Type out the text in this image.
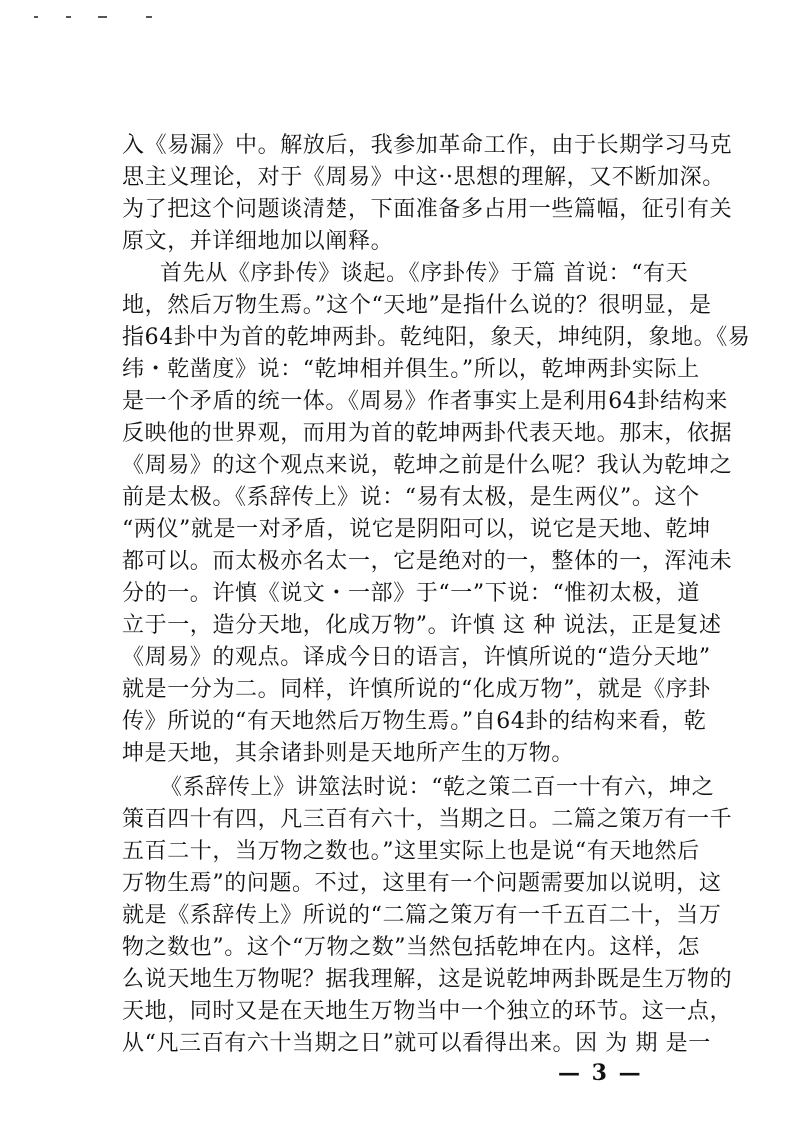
入《易漏》中。解放后，我参加革命工作，由于长期学习马克
思主义理论，对于《周易》中这··思想的理解，又不断加深。
为了把这个问题谈清楚，下面准备多占用一些篇幅，征引有关
原文，并详细地加以阐释。
首先从《序卦传》谈起。《序卦传》于篇 首说：“有天
地，然后万物生焉。”这个“天地”是指什么说的？很明显，是
指64卦中为首的乾坤两卦。乾纯阳，象天，坤纯阴，象地。《易
纬・乾凿度》说：“乾坤相并俱生。”所以，乾坤两卦实际上
是一个矛盾的统一体。《周易》作者事实上是利用64卦结构来
反映他的世界观，而用为首的乾坤两卦代表天地。那末，依据
《周易》的这个观点来说，乾坤之前是什么呢？我认为乾坤之
前是太极。《系辞传上》说：“易有太极，是生两仪”。这个
“两仪”就是一对矛盾，说它是阴阳可以，说它是天地、乾坤
都可以。而太极亦名太一，它是绝对的一，整体的一，浑沌未
分的一。许慎《说文・一部》于“一”下说：“惟初太极，道
立于一，造分天地，化成万物”。许慎 这 种 说法，正是复述
《周易》的观点。译成今日的语言，许慎所说的“造分天地”
就是一分为二。同样，许慎所说的“化成万物”，就是《序卦
传》所说的“有天地然后万物生焉。”自64卦的结构来看，乾
坤是天地，其余诸卦则是天地所产生的万物。
《系辞传上》讲筮法时说：“乾之策二百一十有六，坤之
策百四十有四，凡三百有六十，当期之日。二篇之策万有一千
五百二十，当万物之数也。”这里实际上也是说“有天地然后
万物生焉”的问题。不过，这里有一个问题需要加以说明，这
就是《系辞传上》所说的“二篇之策万有一千五百二十，当万
物之数也”。这个“万物之数”当然包括乾坤在内。这样，怎
么说天地生万物呢？据我理解，这是说乾坤两卦既是生万物的
天地，同时又是在天地生万物当中一个独立的环节。这一点，
从“凡三百有六十当期之日”就可以看得出来。因 为 期 是一
— 3 —
